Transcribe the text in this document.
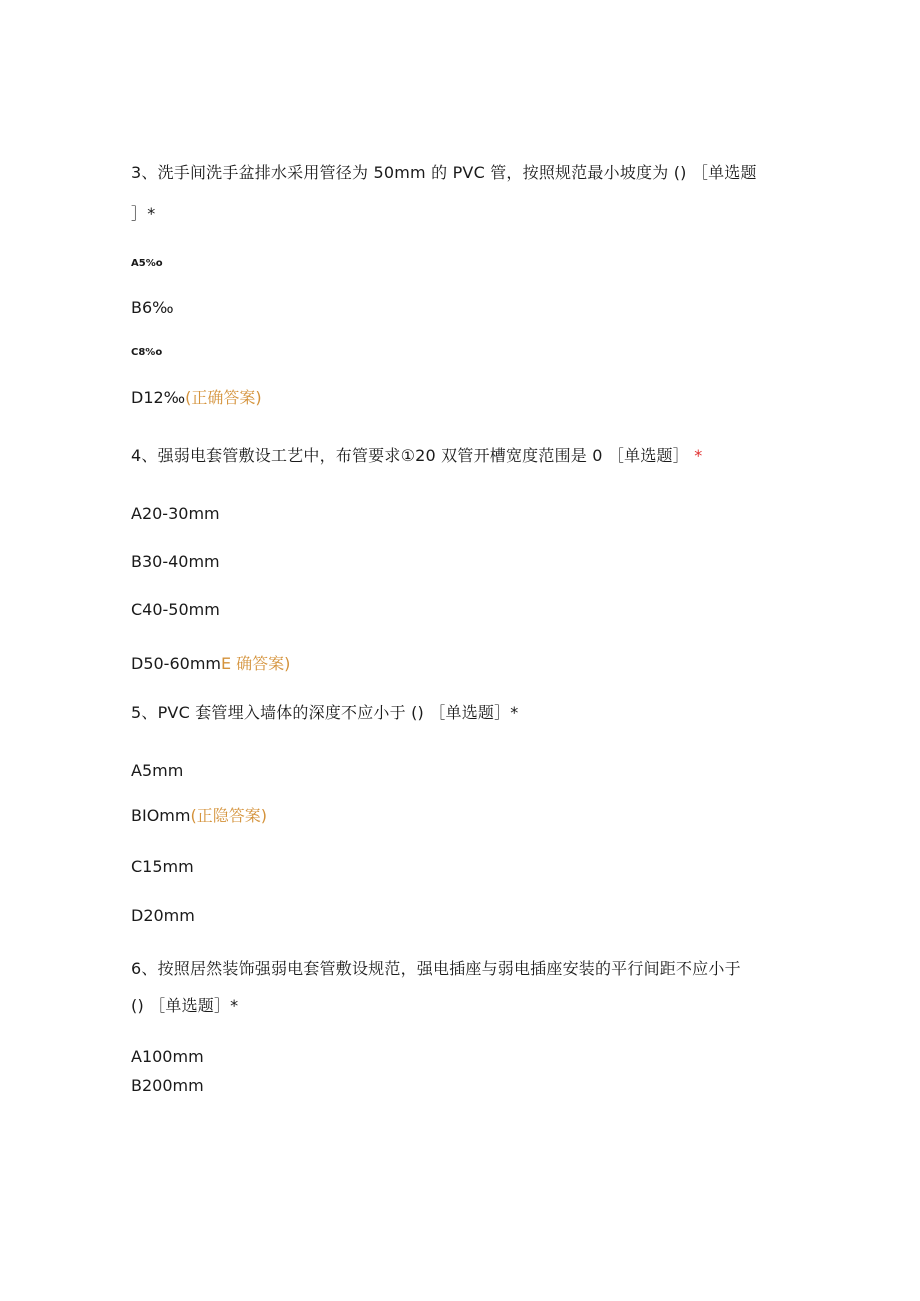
3、洗手间洗手盆排水采用管径为 50mm 的 PVC 管，按照规范最小坡度为 () ［单选题
］*
A5%o
B6‰
C8%o
D12‰(正确答案)
4、强弱电套管敷设工艺中，布管要求①20 双管开槽宽度范围是 0 ［单选题］ *
A20-30mm
B30-40mm
C40-50mm
D50-60mmE 确答案)
5、PVC 套管埋入墙体的深度不应小于 () ［单选题］*
A5mm
BIOmm(正隐答案)
C15mm
D20mm
6、按照居然装饰强弱电套管敷设规范，强电插座与弱电插座安装的平行间距不应小于
() ［单选题］*
A100mm
B200mm
